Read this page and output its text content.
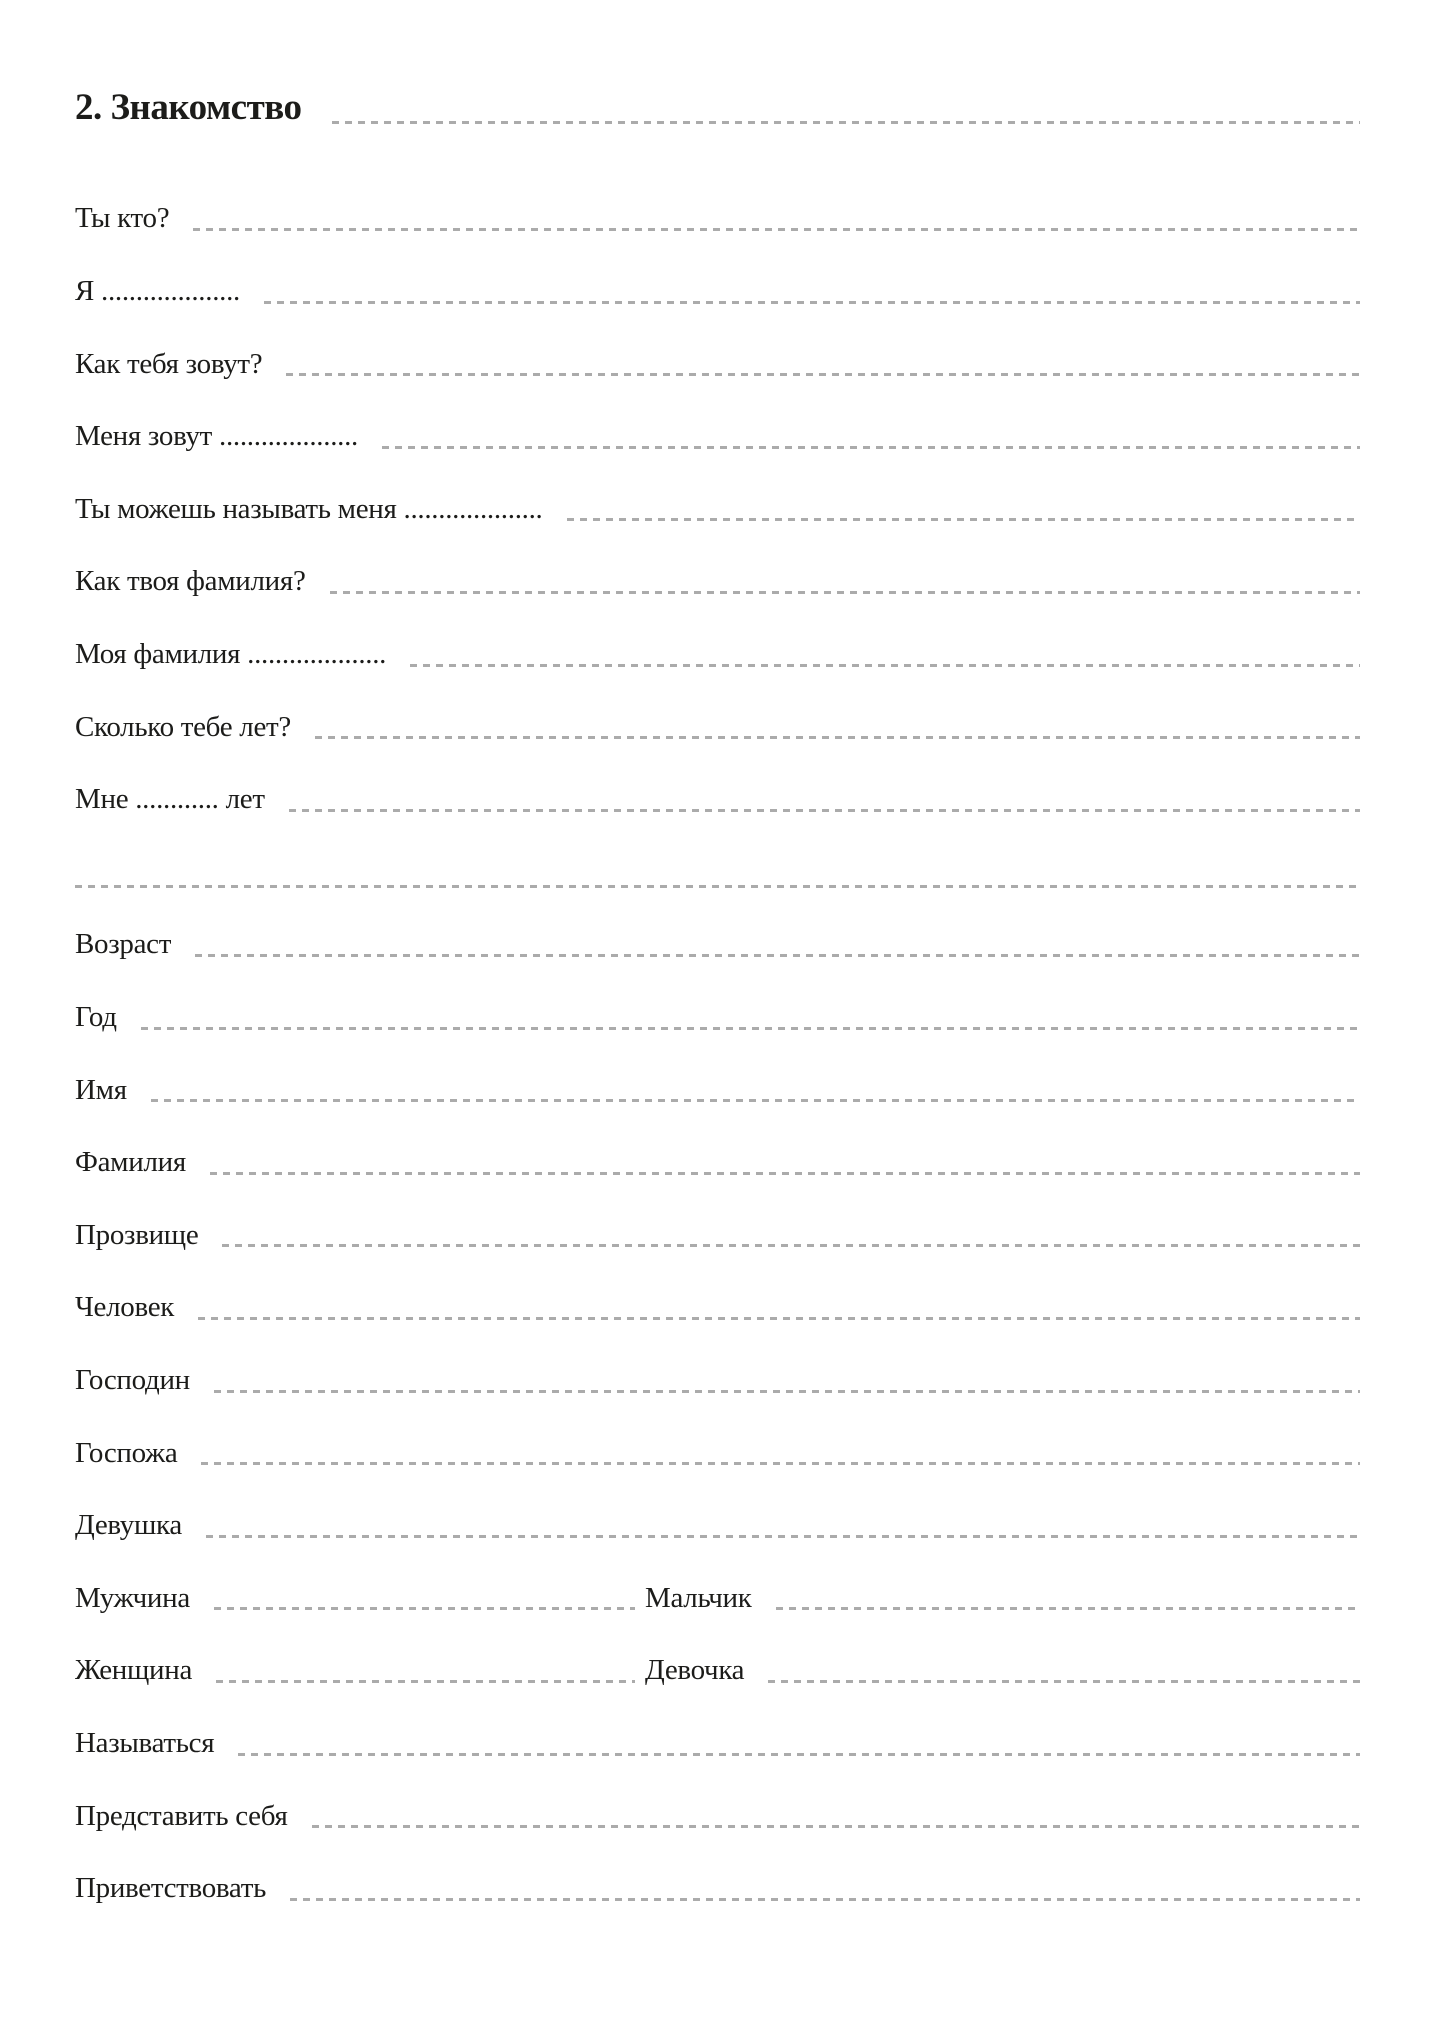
2. Знакомство
Ты кто?
Я ....................
Как тебя зовут?
Меня зовут ....................
Ты можешь называть меня ....................
Как твоя фамилия?
Моя фамилия ....................
Сколько тебе лет?
Мне ............ лет
Возраст
Год
Имя
Фамилия
Прозвище
Человек
Господин
Госпожа
Девушка
Мужчина	Мальчик
Женщина	Девочка
Называться
Представить себя
Приветствовать
